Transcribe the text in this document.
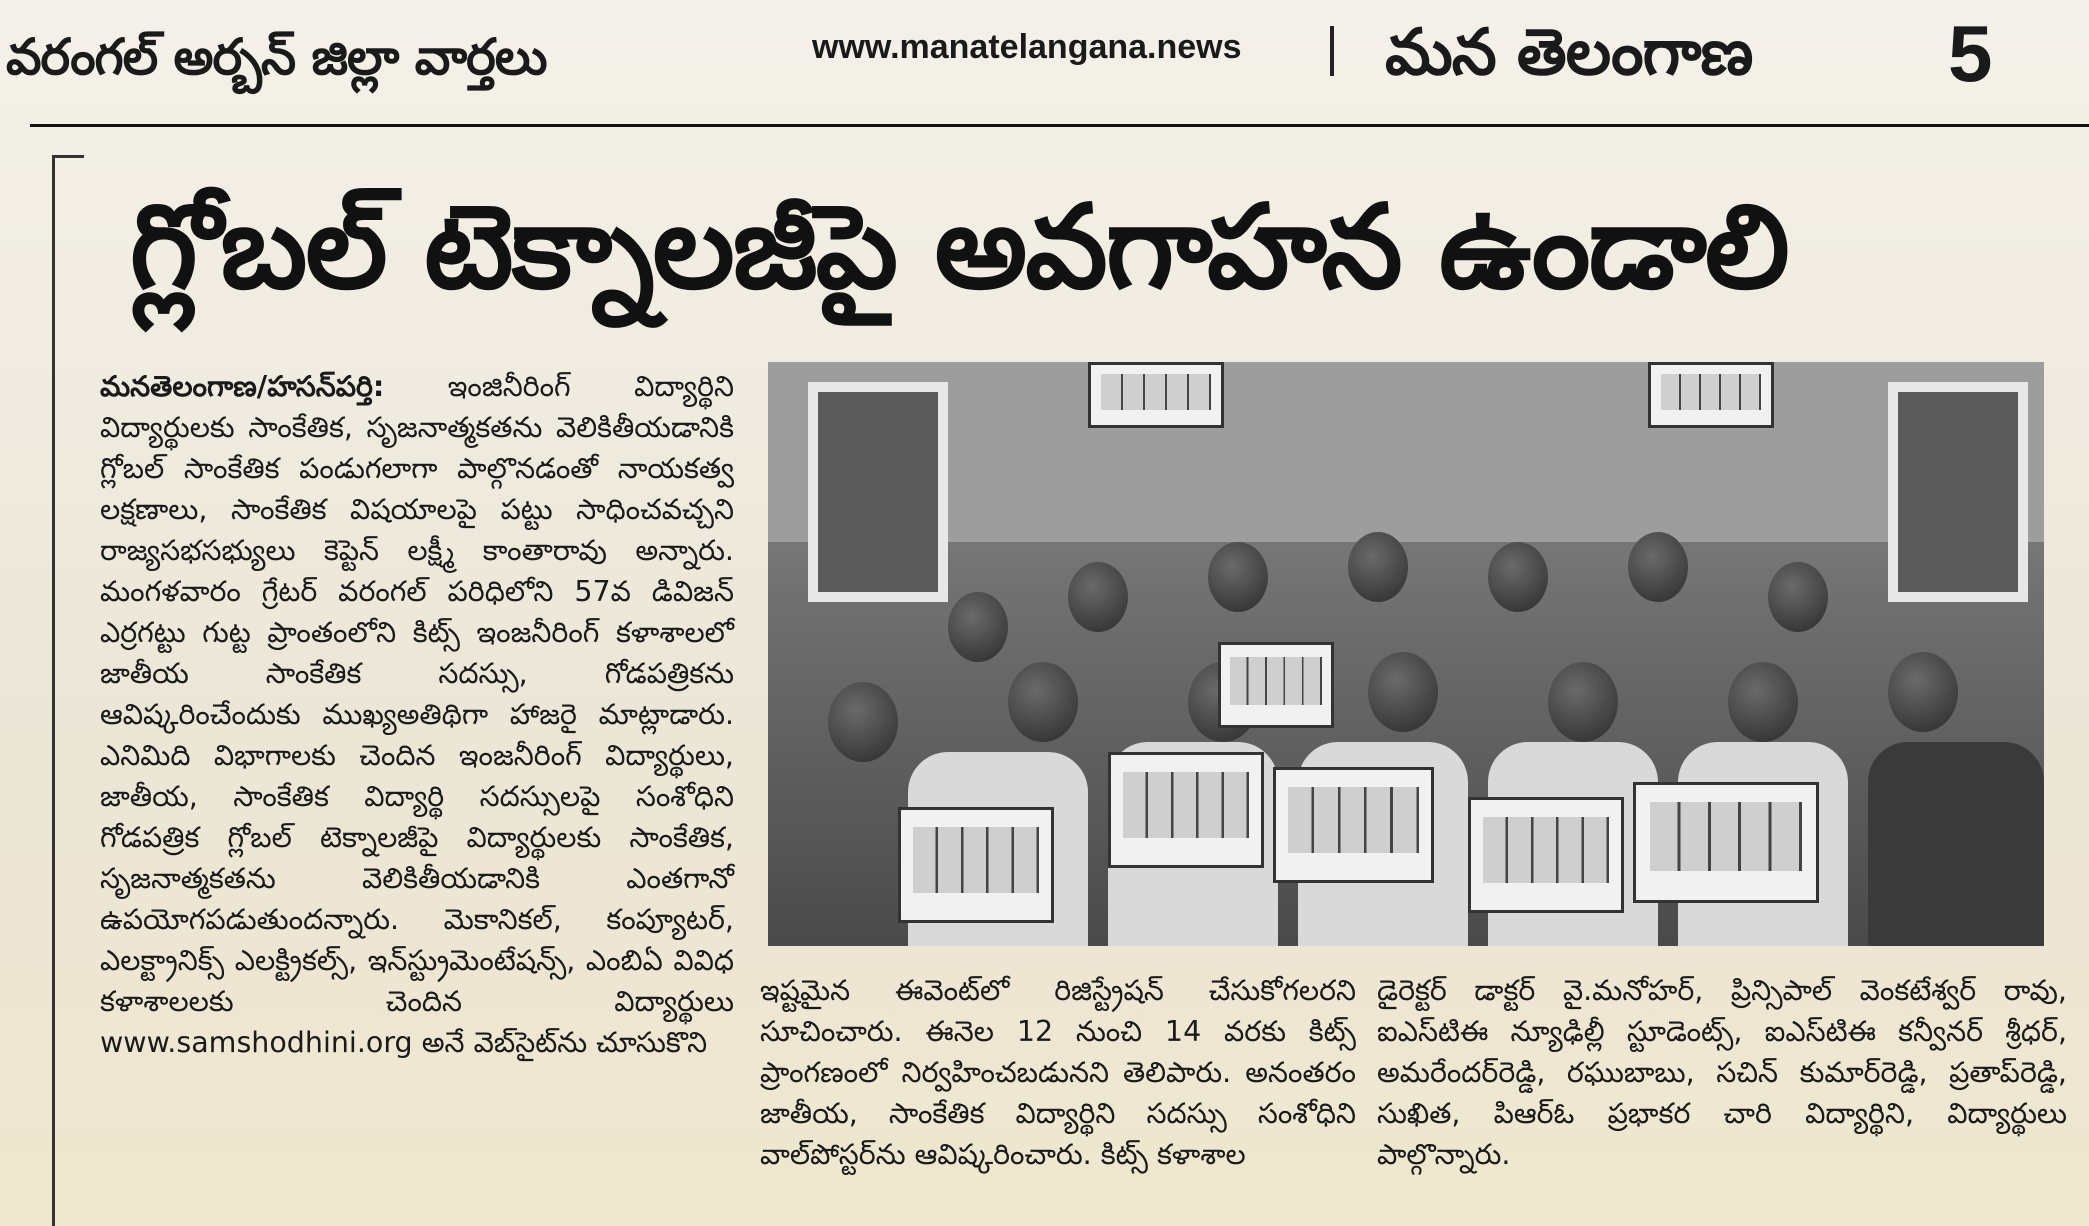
వరంగల్ అర్బన్ జిల్లా వార్తలు	www.manatelangana.news మన తెలంగాణ 5
గ్లోబల్ టెక్నాలజీపై అవగాహన ఉండాలి

మనతెలంగాణ/హసన్‌పర్తి: ఇంజినీరింగ్ విద్యార్థిని విద్యార్థులకు సాంకేతిక, సృజనాత్మకతను వెలికితీయడానికి గ్లోబల్ సాంకేతిక పండుగలాగా పాల్గొనడంతో నాయకత్వ లక్షణాలు, సాంకేతిక విషయాలపై పట్టు సాధించవచ్చని రాజ్యసభసభ్యులు కెప్టెన్ లక్ష్మీ కాంతారావు అన్నారు. మంగళవారం గ్రేటర్ వరంగల్ పరిధిలోని 57వ డివిజన్ ఎర్రగట్టు గుట్ట ప్రాంతంలోని కిట్స్ ఇంజనీరింగ్ కళాశాలలో జాతీయ సాంకేతిక సదస్సు, గోడపత్రికను ఆవిష్కరించేందుకు ముఖ్యఅతిథిగా హాజరై మాట్లాడారు. ఎనిమిది విభాగాలకు చెందిన ఇంజనీరింగ్ విద్యార్థులు, జాతీయ, సాంకేతిక విద్యార్థి సదస్సులపై సంశోధిని గోడపత్రిక గ్లోబల్ టెక్నాలజీపై విద్యార్థులకు సాంకేతిక, సృజనాత్మకతను వెలికితీయడానికి ఎంతగానో ఉపయోగపడుతుందన్నారు. మెకానికల్, కంప్యూటర్, ఎలక్ట్రానిక్స్ ఎలక్ట్రికల్స్, ఇన్‌స్ట్రుమెంటేషన్స్, ఎంబిఏ వివిధ కళాశాలలకు చెందిన విద్యార్థులు www.samshodhini.org అనే వెబ్‌సైట్‌ను చూసుకొని

ఇష్టమైన ఈవెంట్‌లో రిజిస్ట్రేషన్ చేసుకోగలరని సూచించారు. ఈనెల 12 నుంచి 14 వరకు కిట్స్ ప్రాంగణంలో నిర్వహించబడునని తెలిపారు. అనంతరం జాతీయ, సాంకేతిక విద్యార్థిని సదస్సు సంశోధిని వాల్‌పోస్టర్‌ను ఆవిష్కరించారు. కిట్స్ కళాశాల

డైరెక్టర్ డాక్టర్ వై.మనోహర్, ప్రిన్సిపాల్ వెంకటేశ్వర్ రావు, ఐఎస్‌టిఈ న్యూఢిల్లీ స్టూడెంట్స్, ఐఎస్‌టిఈ కన్వీనర్ శ్రీధర్, అమరేందర్‌రెడ్డి, రఘుబాబు, సచిన్ కుమార్‌రెడ్డి, ప్రతాప్‌రెడ్డి, సుఖిత, పిఆర్ఓ ప్రభాకర చారి విద్యార్థిని, విద్యార్థులు పాల్గొన్నారు.
